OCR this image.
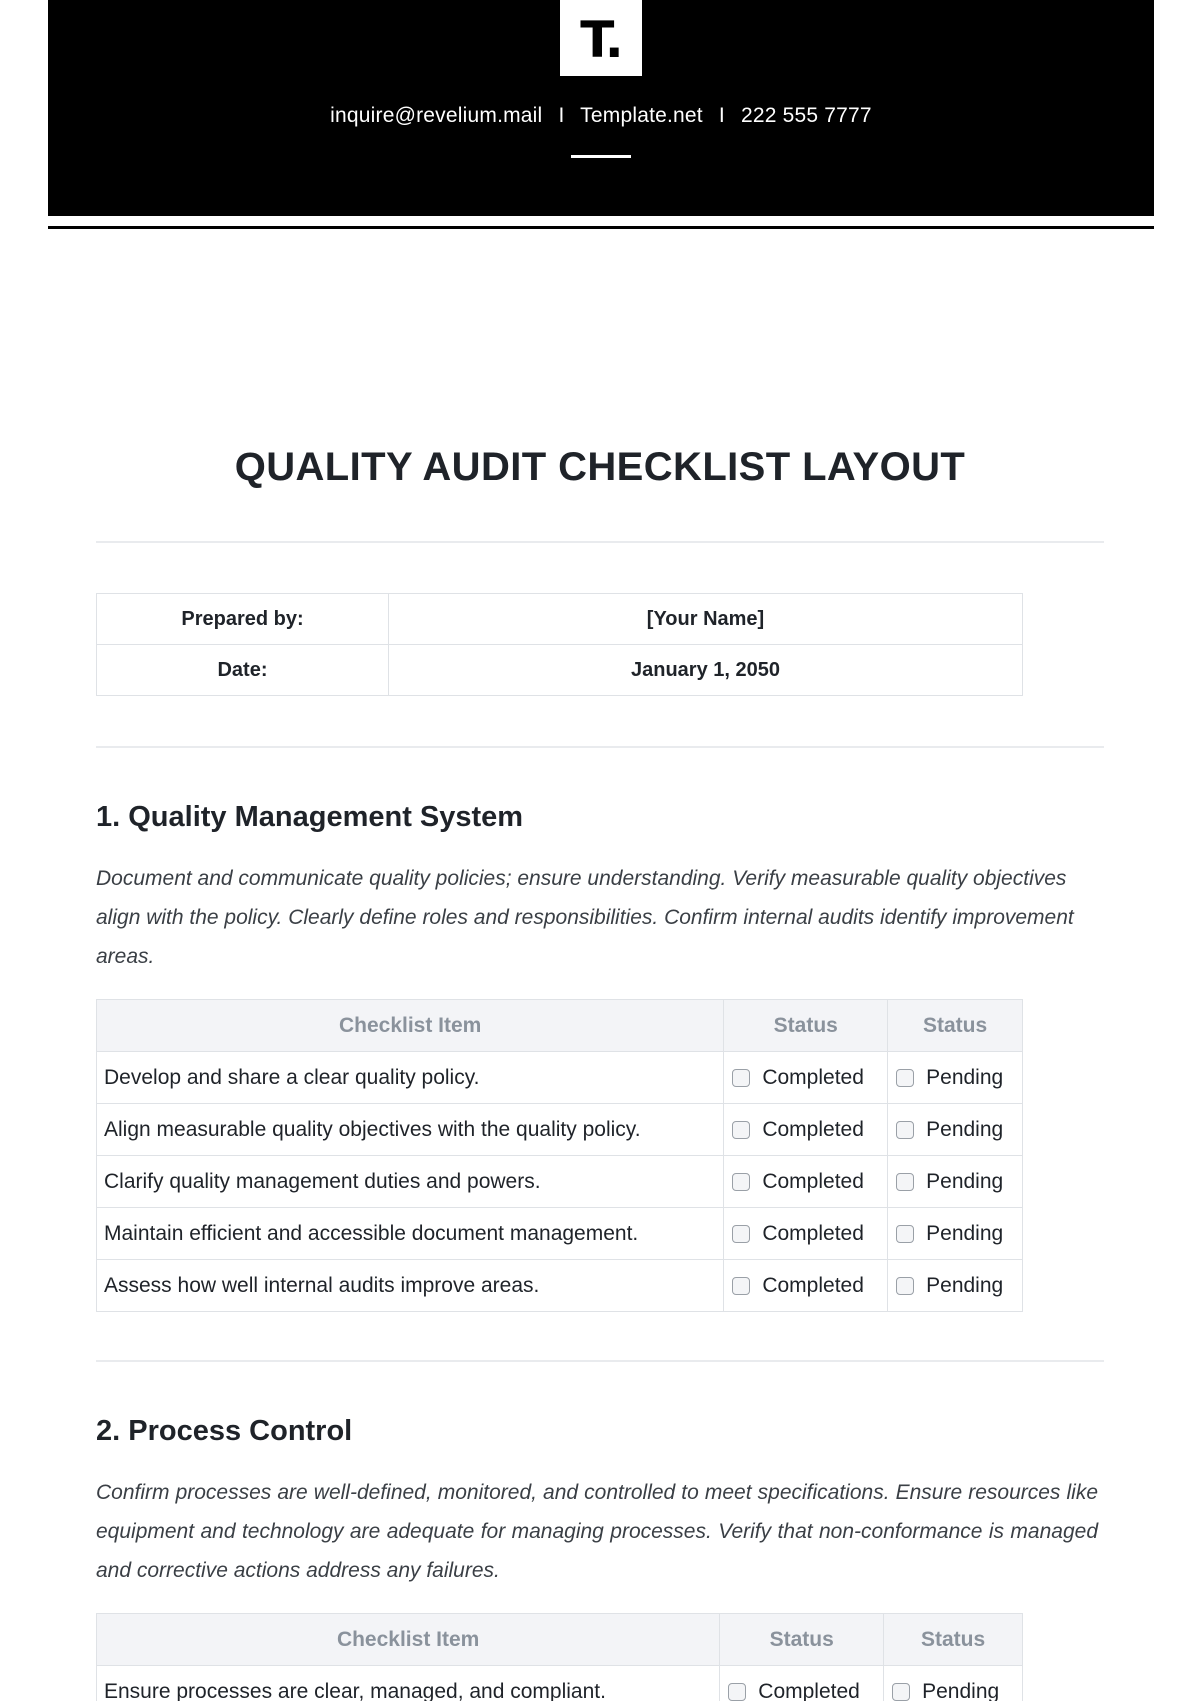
T.
inquire@revelium.mail I Template.net I 222 555 7777
QUALITY AUDIT CHECKLIST LAYOUT
Prepared by:	[Your Name]
Date:	January 1, 2050
1. Quality Management System

Document and communicate quality policies; ensure understanding. Verify measurable quality objectives align with the policy. Clearly define roles and responsibilities. Confirm internal audits identify improvement areas.

Checklist Item	Status	Status
Develop and share a clear quality policy.	Completed	Pending
Align measurable quality objectives with the quality policy.	Completed	Pending
Clarify quality management duties and powers.	Completed	Pending
Maintain efficient and accessible document management.	Completed	Pending
Assess how well internal audits improve areas.	Completed	Pending
2. Process Control

Confirm processes are well-defined, monitored, and controlled to meet specifications. Ensure resources like equipment and technology are adequate for managing processes. Verify that non-conformance is managed and corrective actions address any failures.

Checklist Item	Status	Status
Ensure processes are clear, managed, and compliant.	Completed	Pending
